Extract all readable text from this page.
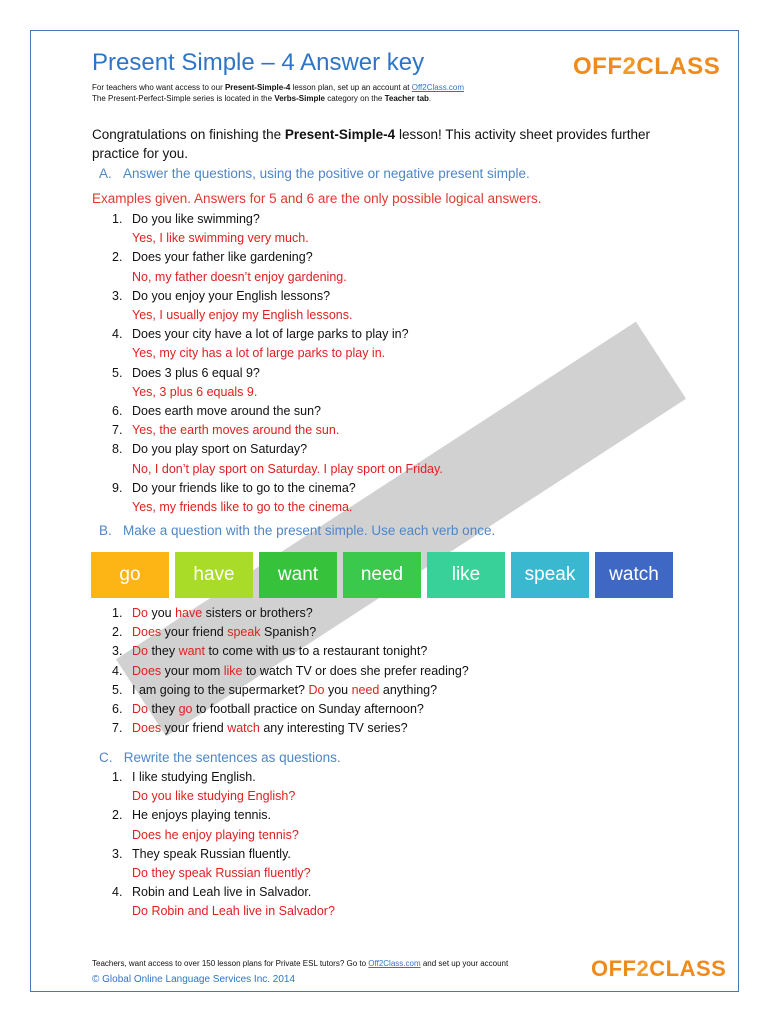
Present Simple – 4 Answer key	OFF2CLASS
For teachers who want access to our Present-Simple-4 lesson plan, set up an account at Off2Class.com
The Present-Perfect-Simple series is located in the Verbs-Simple category on the Teacher tab.
Congratulations on finishing the Present-Simple-4 lesson! This activity sheet provides further practice for you.
A.   Answer the questions, using the positive or negative present simple.
Examples given. Answers for 5 and 6 are the only possible logical answers.
1. Do you like swimming?
Yes, I like swimming very much.
2. Does your father like gardening?
No, my father doesn’t enjoy gardening.
3. Do you enjoy your English lessons?
Yes, I usually enjoy my English lessons.
4. Does your city have a lot of large parks to play in?
Yes, my city has a lot of large parks to play in.
5. Does 3 plus 6 equal 9?
Yes, 3 plus 6 equals 9.
6. Does earth move around the sun?
7. Yes, the earth moves around the sun.
8. Do you play sport on Saturday?
No, I don’t play sport on Saturday. I play sport on Friday.
9. Do your friends like to go to the cinema?
Yes, my friends like to go to the cinema.
B.   Make a question with the present simple. Use each verb once.
go	have	want	need	like	speak	watch
1. Do you have sisters or brothers?
2. Does your friend speak Spanish?
3. Do they want to come with us to a restaurant tonight?
4. Does your mom like to watch TV or does she prefer reading?
5. I am going to the supermarket? Do you need anything?
6. Do they go to football practice on Sunday afternoon?
7. Does your friend watch any interesting TV series?
C.   Rewrite the sentences as questions.
1. I like studying English.
Do you like studying English?
2. He enjoys playing tennis.
Does he enjoy playing tennis?
3. They speak Russian fluently.
Do they speak Russian fluently?
4. Robin and Leah live in Salvador.
Do Robin and Leah live in Salvador?
Teachers, want access to over 150 lesson plans for Private ESL tutors? Go to Off2Class.com and set up your account
© Global Online Language Services Inc. 2014	OFF2CLASS
